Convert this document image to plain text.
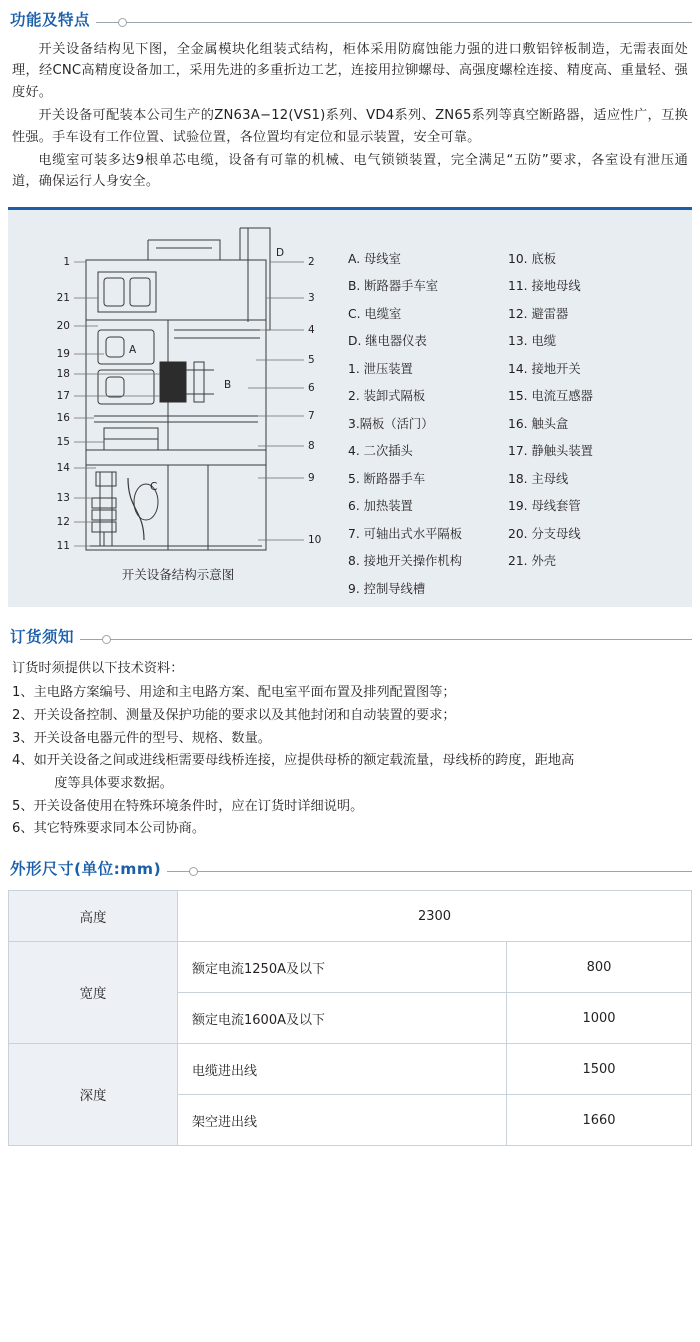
功能及特点

开关设备结构见下图，全金属模块化组装式结构，柜体采用防腐蚀能力强的进口敷铝锌板制造，无需表面处理，经CNC高精度设备加工，采用先进的多重折边工艺，连接用拉铆螺母、高强度螺栓连接、精度高、重量轻、强度好。

开关设备可配装本公司生产的ZN63A−12(VS1)系列、VD4系列、ZN65系列等真空断路器，适应性广，互换性强。手车设有工作位置、试验位置，各位置均有定位和显示装置，安全可靠。

电缆室可装多达9根单芯电缆，设备有可靠的机械、电气锁锁装置，完全满足“五防”要求，各室设有泄压通道，确保运行人身安全。

1
21
20
19
18
17
16
15
14
13
12
11
2
3
4
5
6
7
8
9
10
D
A
B
C
开关设备结构示意图
A. 母线室
B. 断路器手车室
C. 电缆室
D. 继电器仪表
1. 泄压装置
2. 装卸式隔板
3.隔板（活门）
4. 二次插头
5. 断路器手车
6. 加热装置
7. 可轴出式水平隔板
8. 接地开关操作机构
9. 控制导线槽
10. 底板
11. 接地母线
12. 避雷器
13. 电缆
14. 接地开关
15. 电流互感器
16. 触头盒
17. 静触头装置
18. 主母线
19. 母线套管
20. 分支母线
21. 外壳
订货须知

订货时须提供以下技术资料：

1、主电路方案编号、用途和主电路方案、配电室平面布置及排列配置图等；

2、开关设备控制、测量及保护功能的要求以及其他封闭和自动装置的要求；

3、开关设备电器元件的型号、规格、数量。

4、如开关设备之间或进线柜需要母线桥连接，应提供母桥的额定载流量，母线桥的跨度，距地高

度等具体要求数据。

5、开关设备使用在特殊环境条件时，应在订货时详细说明。

6、其它特殊要求同本公司协商。

外形尺寸(单位:mm)
高度	2300	
宽度	额定电流1250A及以下	800
	额定电流1600A及以下	1000
深度	电缆进出线	1500
	架空进出线	1660
